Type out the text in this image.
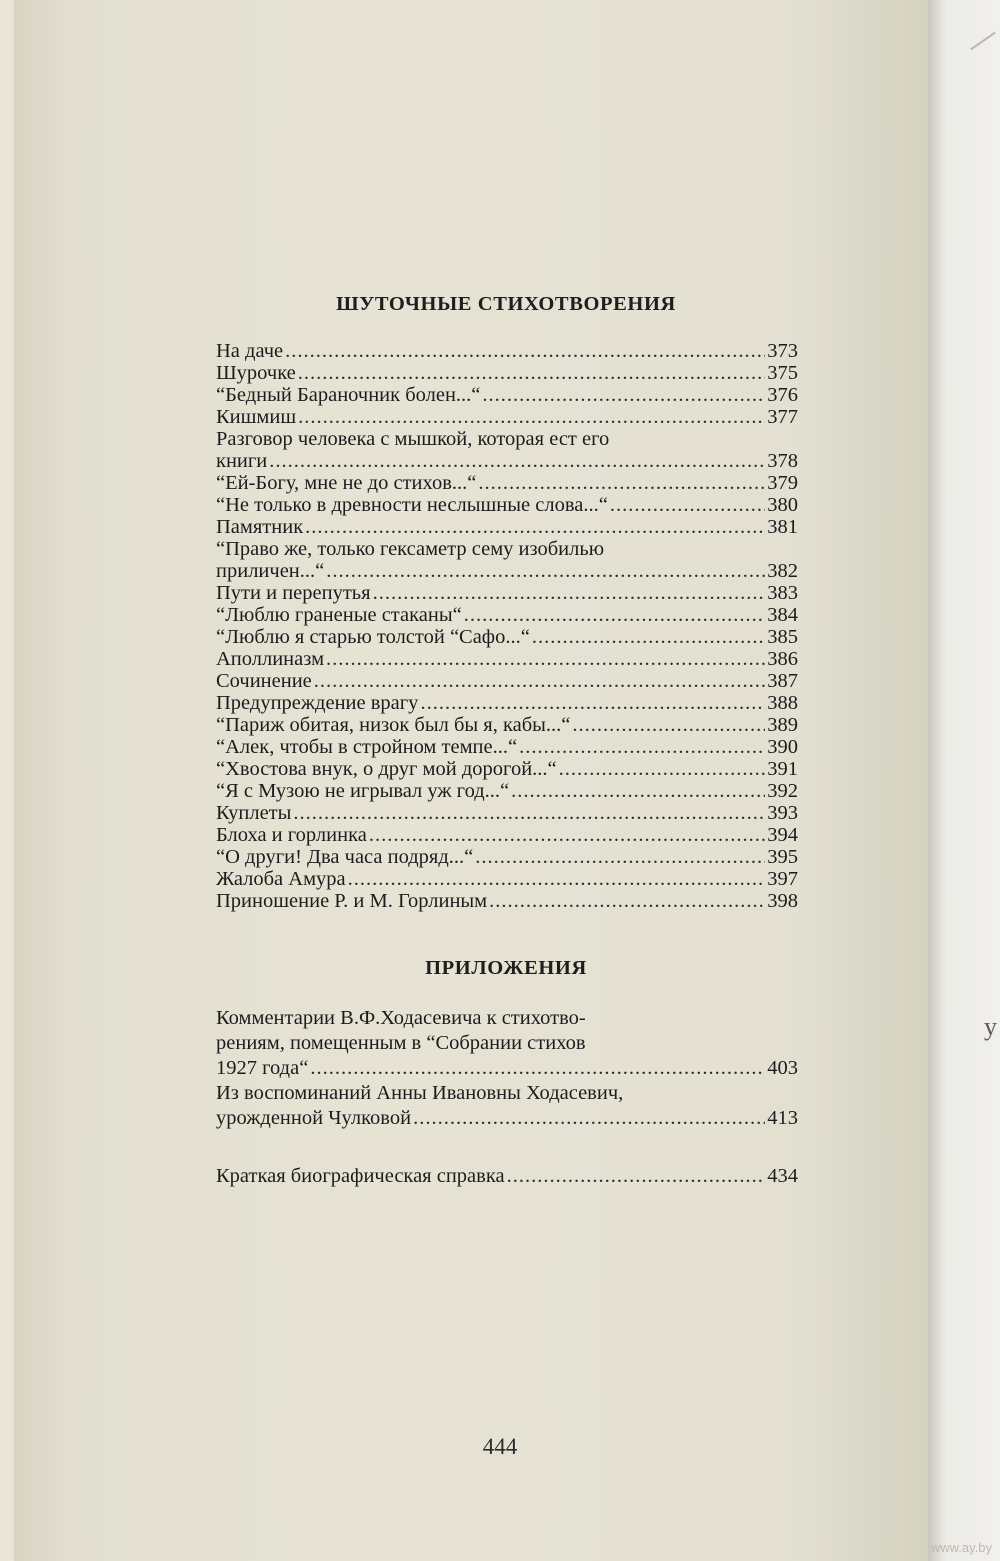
у
ШУТОЧНЫЕ СТИХОТВОРЕНИЯ
На даче .....	373
Шурочке .....	375
“Бедный Бараночник болен...“ .....	376
Кишмиш .....	377
Разговор человека с мышкой, которая ест его
книги .....	378
“Ей-Богу, мне не до стихов...“ .....	379
“Не только в древности неслышные слова...“ .....	380
Памятник .....	381
“Право же, только гексаметр сему изобилью
приличен...“ .....	382
Пути и перепутья .....	383
“Люблю граненые стаканы“ .....	384
“Люблю я старью толстой “Сафо...“ .....	385
Аполлиназм .....	386
Сочинение .....	387
Предупреждение врагу .....	388
“Париж обитая, низок был бы я, кабы...“ .....	389
“Алек, чтобы в стройном темпе...“ .....	390
“Хвостова внук, о друг мой дорогой...“ .....	391
“Я с Музою не игрывал уж год...“ .....	392
Куплеты .....	393
Блоха и горлинка .....	394
“О други! Два часа подряд...“ .....	395
Жалоба Амура .....	397
Приношение Р. и М. Горлиным .....	398
ПРИЛОЖЕНИЯ
Комментарии В.Ф.Ходасевича к стихотво-
рениям, помещенным в “Собрании стихов
1927 года“ .....	403
Из воспоминаний Анны Ивановны Ходасевич,
урожденной Чулковой .....	413
Краткая биографическая справка .....	434
444
www.ay.by
